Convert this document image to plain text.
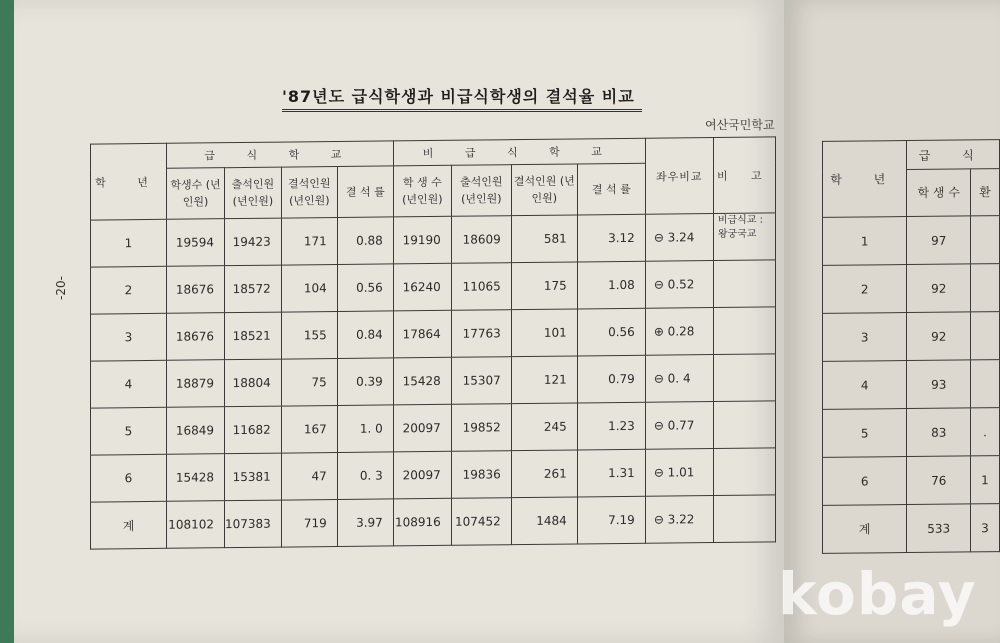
'87년도 급식학생과 비급식학생의 결석율 비교
여산국민학교
-20-
학 년	급 식 학 교				비 급 식 학 교				좌우비교	비 고
	학생수 (년인원)	출석인원 (년인원)	결석인원 (년인원)	결 석 률	학 생 수 (년인원)	출석인원 (년인원)	결석인원 (년인원)	결 석 률		
1	19594	19423	171	0.88	19190	18609	581	3.12	⊖ 3.24	비급식교 : 왕궁국교
2	18676	18572	104	0.56	16240	11065	175	1.08	⊖ 0.52	
3	18676	18521	155	0.84	17864	17763	101	0.56	⊕ 0.28	
4	18879	18804	75	0.39	15428	15307	121	0.79	⊖ 0. 4	
5	16849	11682	167	1. 0	20097	19852	245	1.23	⊖ 0.77	
6	15428	15381	47	0. 3	20097	19836	261	1.31	⊖ 1.01	
계	108102	107383	719	3.97	108916	107452	1484	7.19	⊖ 3.22	
학 년	급 식	
	학 생 수	환
1	97	
2	92	
3	92	
4	93	
5	83	.
6	76	1
계	533	3
kobay
